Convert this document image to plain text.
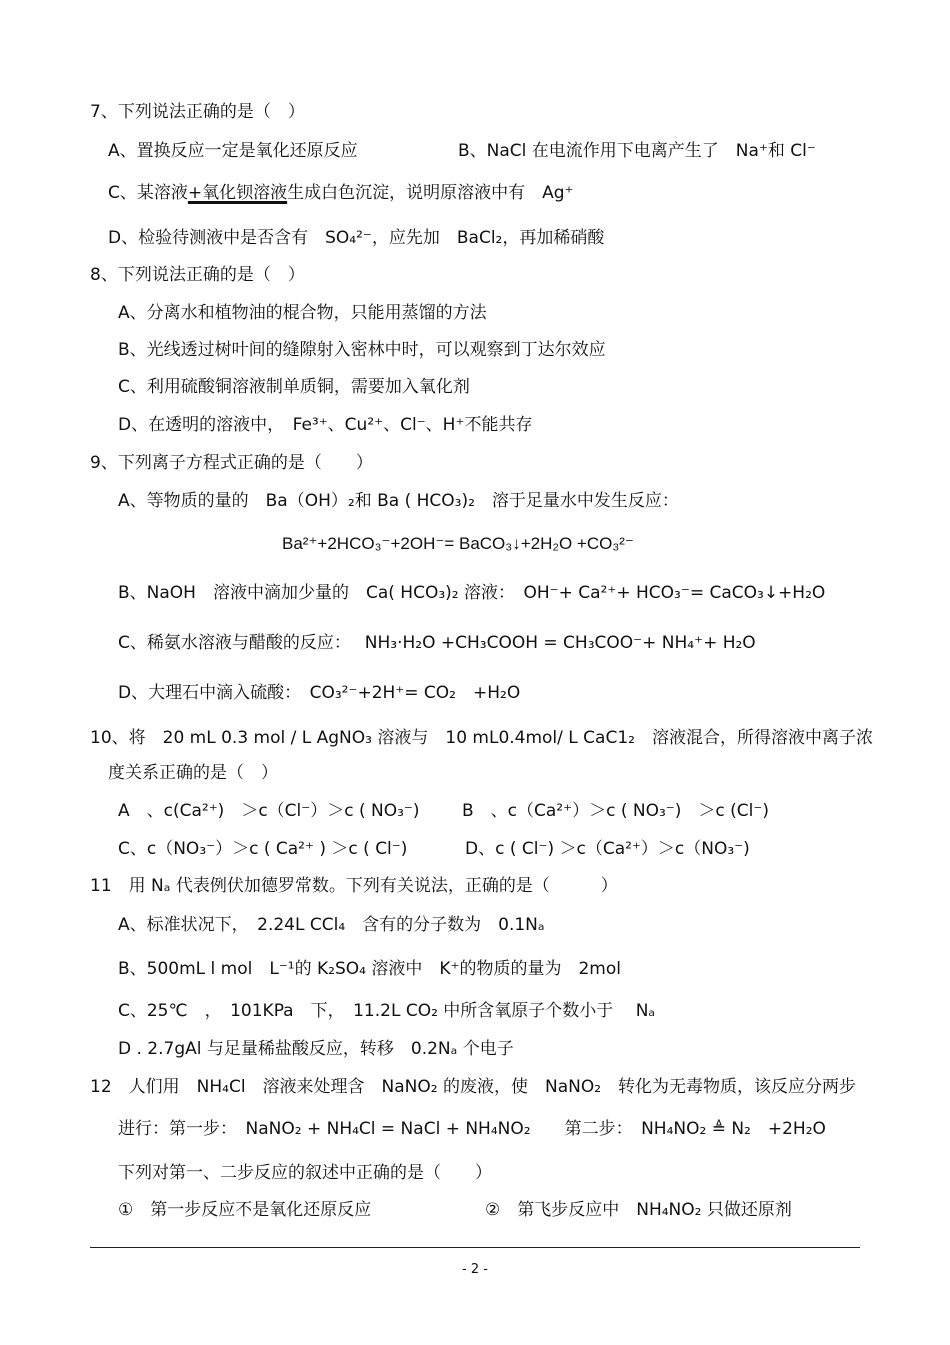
7、下列说法正确的是（　）
A、置换反应一定是氧化还原反应	B、NaCl 在电流作用下电离产生了　Na⁺和 Cl⁻
C、某溶液+氧化钡溶液生成白色沉淀，说明原溶液中有　Ag⁺
D、检验待测液中是否含有　SO₄²⁻，应先加　BaCl₂，再加稀硝酸
8、下列说法正确的是（　）
A、分离水和植物油的棍合物，只能用蒸馏的方法
B、光线透过树叶间的缝隙射入密林中时，可以观察到丁达尔效应
C、利用硫酸铜溶液制单质铜，需要加入氧化剂
D、在透明的溶液中，　Fe³⁺、Cu²⁺、Cl⁻、H⁺不能共存
9、下列离子方程式正确的是（　　）
A、等物质的量的　Ba（OH）₂和 Ba ( HCO₃)₂　溶于足量水中发生反应：
Ba²⁺+2HCO₃⁻+2OH⁻= BaCO₃↓+2H₂O +CO₃²⁻
B、NaOH　溶液中滴加少量的　Ca( HCO₃)₂ 溶液：　OH⁻+ Ca²⁺+ HCO₃⁻= CaCO₃↓+H₂O
C、稀氨水溶液与醋酸的反应：　 NH₃·H₂O +CH₃COOH = CH₃COO⁻+ NH₄⁺+ H₂O
D、大理石中滴入硫酸：　CO₃²⁻+2H⁺= CO₂　+H₂O
10、将　20 mL 0.3 mol / L AgNO₃ 溶液与　10 mL0.4mol/ L CaC1₂　溶液混合，所得溶液中离子浓
度关系正确的是（　）
A　、c(Ca²⁺)　＞c（Cl⁻）＞c ( NO₃⁻) B　、c（Ca²⁺）＞c ( NO₃⁻)　＞c (Cl⁻)
C、c（NO₃⁻）＞c ( Ca²⁺ ) ＞c ( Cl⁻)	D、c ( Cl⁻) ＞c（Ca²⁺）＞c（NO₃⁻)
11　用 Nₐ 代表例伏加德罗常数。下列有关说法，正确的是（　　　）
A、标准状况下，　2.24L CCl₄　含有的分子数为　0.1Nₐ
B、500mL l mol　L⁻¹的 K₂SO₄ 溶液中　K⁺的物质的量为　2mol
C、25℃　，　101KPa　下，　11.2L CO₂ 中所含氧原子个数小于　 Nₐ
D . 2.7gAl 与足量稀盐酸反应，转移　0.2Nₐ 个电子
12　人们用　NH₄Cl　溶液来处理含　NaNO₂ 的废液，使　NaNO₂　转化为无毒物质，该反应分两步
进行：第一步：　NaNO₂ + NH₄Cl = NaCl + NH₄NO₂　　第二步：　NH₄NO₂ ≜ N₂　+2H₂O
下列对第一、二步反应的叙述中正确的是（　　）
①　第一步反应不是氧化还原反应	②　第飞步反应中　NH₄NO₂ 只做还原剂
- 2 -
